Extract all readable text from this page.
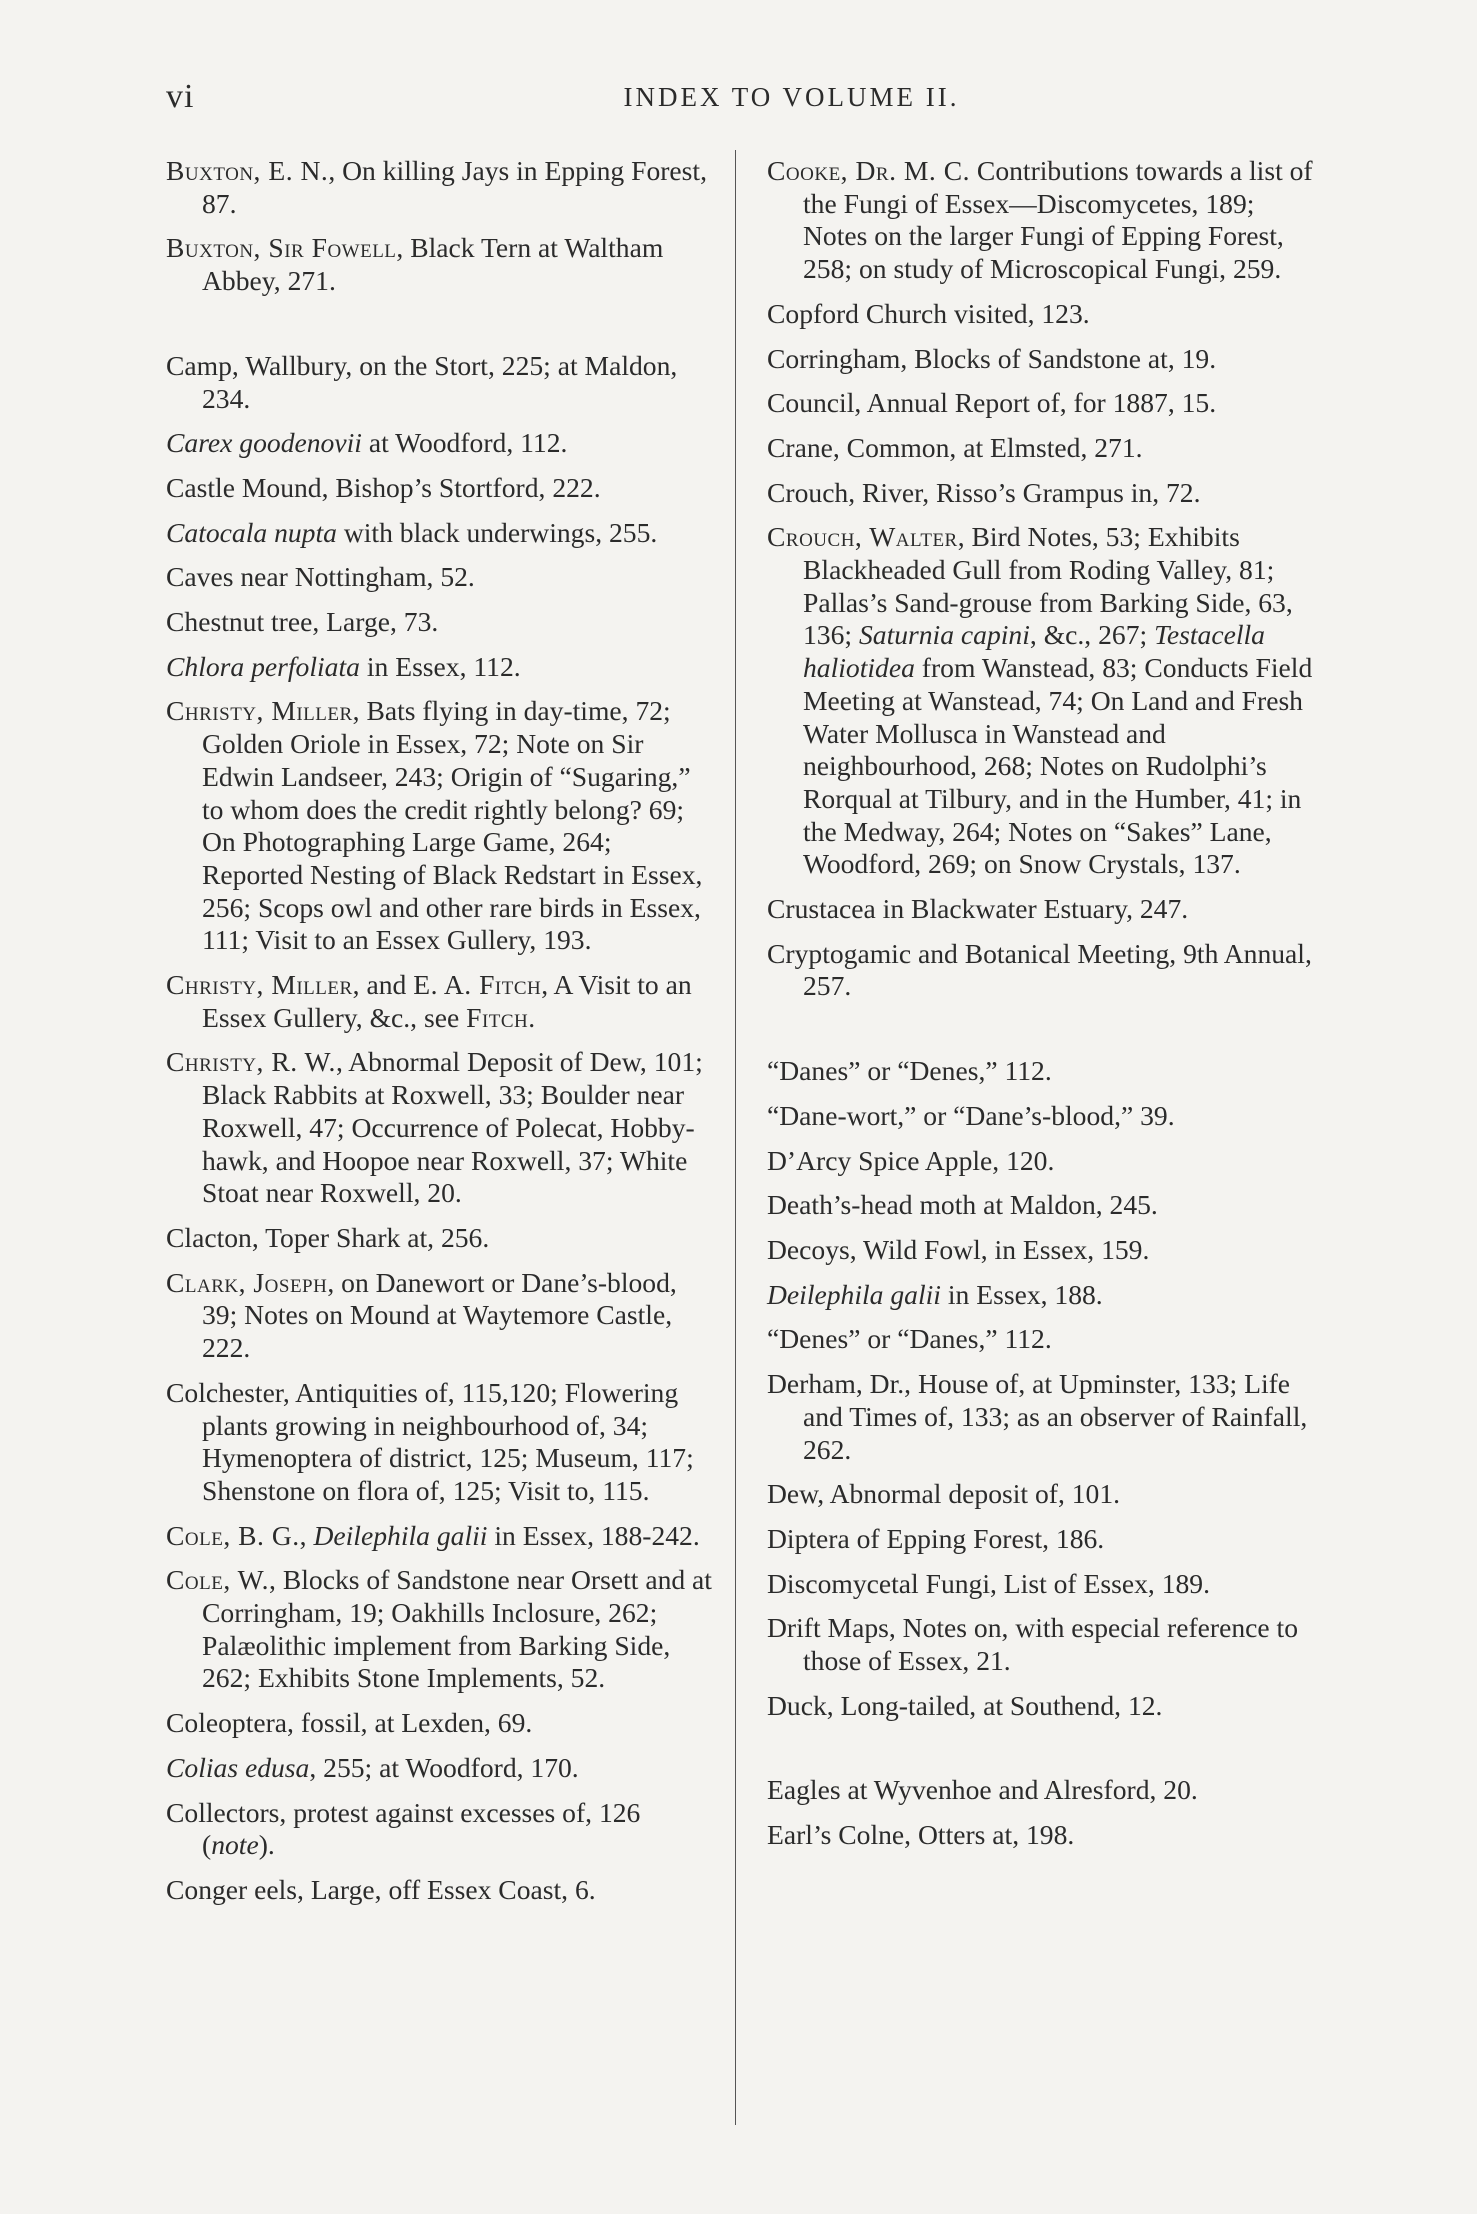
vi	INDEX TO VOLUME II.

Buxton, E. N., On killing Jays in Epping Forest, 87.

Buxton, Sir Fowell, Black Tern at Waltham Abbey, 271.

Camp, Wallbury, on the Stort, 225; at Maldon, 234.

Carex goodenovii at Woodford, 112.

Castle Mound, Bishop’s Stortford, 222.

Catocala nupta with black underwings, 255.

Caves near Nottingham, 52.

Chestnut tree, Large, 73.

Chlora perfoliata in Essex, 112.

Christy, Miller, Bats flying in day-time, 72; Golden Oriole in Essex, 72; Note on Sir Edwin Landseer, 243; Origin of “Sugaring,” to whom does the credit rightly belong? 69; On Photographing Large Game, 264; Reported Nesting of Black Redstart in Essex, 256; Scops owl and other rare birds in Essex, 111; Visit to an Essex Gullery, 193.

Christy, Miller, and E. A. Fitch, A Visit to an Essex Gullery, &c., see Fitch.

Christy, R. W., Abnormal Deposit of Dew, 101; Black Rabbits at Roxwell, 33; Boulder near Roxwell, 47; Occurrence of Polecat, Hobby-hawk, and Hoopoe near Roxwell, 37; White Stoat near Roxwell, 20.

Clacton, Toper Shark at, 256.

Clark, Joseph, on Danewort or Dane’s-blood, 39; Notes on Mound at Waytemore Castle, 222.

Colchester, Antiquities of, 115,120; Flowering plants growing in neighbourhood of, 34; Hymenoptera of district, 125; Museum, 117; Shenstone on flora of, 125; Visit to, 115.

Cole, B. G., Deilephila galii in Essex, 188-242.

Cole, W., Blocks of Sandstone near Orsett and at Corringham, 19; Oakhills Inclosure, 262; Palæolithic implement from Barking Side, 262; Exhibits Stone Implements, 52.

Coleoptera, fossil, at Lexden, 69.

Colias edusa, 255; at Woodford, 170.

Collectors, protest against excesses of, 126 (note).

Conger eels, Large, off Essex Coast, 6.

Cooke, Dr. M. C. Contributions towards a list of the Fungi of Essex—Discomycetes, 189; Notes on the larger Fungi of Epping Forest, 258; on study of Microscopical Fungi, 259.

Copford Church visited, 123.

Corringham, Blocks of Sandstone at, 19.

Council, Annual Report of, for 1887, 15.

Crane, Common, at Elmsted, 271.

Crouch, River, Risso’s Grampus in, 72.

Crouch, Walter, Bird Notes, 53; Exhibits Blackheaded Gull from Roding Valley, 81; Pallas’s Sand-grouse from Barking Side, 63, 136; Saturnia capini, &c., 267; Testacella haliotidea from Wanstead, 83; Conducts Field Meeting at Wanstead, 74; On Land and Fresh Water Mollusca in Wanstead and neighbourhood, 268; Notes on Rudolphi’s Rorqual at Tilbury, and in the Humber, 41; in the Medway, 264; Notes on “Sakes” Lane, Woodford, 269; on Snow Crystals, 137.

Crustacea in Blackwater Estuary, 247.

Cryptogamic and Botanical Meeting, 9th Annual, 257.

“Danes” or “Denes,” 112.

“Dane-wort,” or “Dane’s-blood,” 39.

D’Arcy Spice Apple, 120.

Death’s-head moth at Maldon, 245.

Decoys, Wild Fowl, in Essex, 159.

Deilephila galii in Essex, 188.

“Denes” or “Danes,” 112.

Derham, Dr., House of, at Upminster, 133; Life and Times of, 133; as an observer of Rainfall, 262.

Dew, Abnormal deposit of, 101.

Diptera of Epping Forest, 186.

Discomycetal Fungi, List of Essex, 189.

Drift Maps, Notes on, with especial reference to those of Essex, 21.

Duck, Long-tailed, at Southend, 12.

Eagles at Wyvenhoe and Alresford, 20.

Earl’s Colne, Otters at, 198.
